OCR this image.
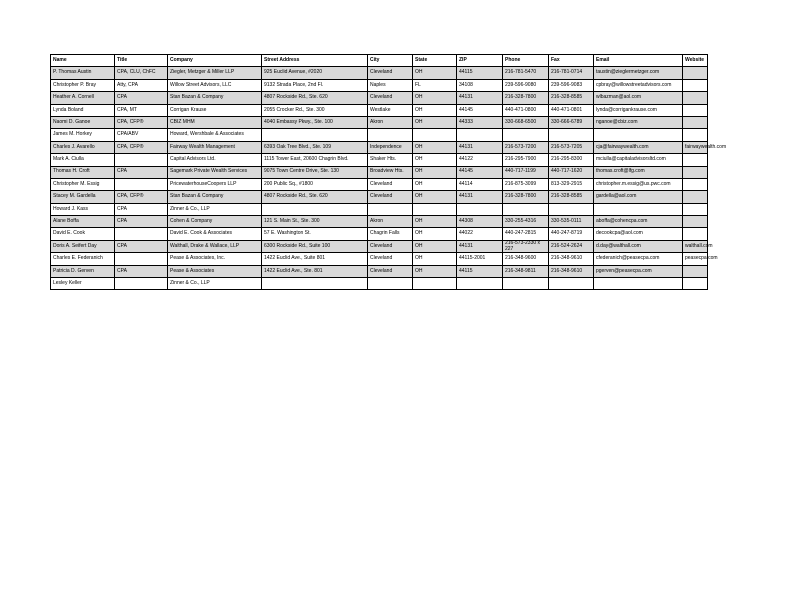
Name	Title	Company	Street Address	City	State	ZIP	Phone	Fax	Email	Website
P. Thomas Austin	CPA, CLU, ChFC	Ziegler, Metzger & Miller LLP	925 Euclid Avenue, #2020	Cleveland	OH	44115	216-781-5470	216-781-0714	taustin@zieglermetzger.com	
Christopher P. Bray	Atty, CPA	Willow Street Advisors, LLC	9132 Strada Place, 2nd Fl.	Naples	FL	34108	239-596-9080	239-596-9083	cpbray@willowstreetadvisors.com	
Heather A. Cornell	CPA	Stan Bazan & Company	4807 Rockside Rd., Ste. 620	Cleveland	OH	44131	216-328-7800	216-328-8585	wlbazman@aol.com	
Lynda Boland	CPA, MT	Corrigan Krause	2055 Crocker Rd., Ste. 300	Westlake	OH	44145	440-471-0800	440-471-0801	lynda@corrigankrause.com	
Naomi D. Ganoe	CPA, CFP®	CBIZ MHM	4040 Embassy Pkwy., Ste. 100	Akron	OH	44333	330-668-6500	330-666-6789	nganoe@cbiz.com	
James M. Horkey	CPA/ABV	Howard, Wershbale & Associates								
Charles J. Avarello	CPA, CFP®	Fairway Wealth Management	6393 Oak Tree Blvd., Ste. 109	Independence	OH	44131	216-573-7200	216-573-7205	cja@fairwaywealth.com	fairwaywealth.com
Mark A. Ciulla		Capital Advisors Ltd.	1115 Tower East, 20600 Chagrin Blvd.	Shaker Hts.	OH	44122	216-295-7900	216-295-8300	mciulla@capitaladvisorsltd.com	
Thomas H. Croft	CPA	Sagemark Private Wealth Services	9075 Town Centre Drive, Ste. 130	Broadview Hts.	OH	44145	440-717-1199	440-717-1620	thomas.croft@lfg.com	
Christopher M. Essig		PricewaterhouseCoopers LLP	200 Public Sq., #1800	Cleveland	OH	44114	216-875-3099	813-329-2915	christopher.m.essig@us.pwc.com	
Stacey M. Gardella	CPA, CFP®	Stan Bazan & Company	4807 Rockside Rd., Ste. 620	Cleveland	OH	44131	216-328-7800	216-328-8585	gardella@aol.com	
Howard J. Kass	CPA	Zinner & Co., LLP								
Alane Boffa	CPA	Cohen & Company	121 S. Main St., Ste. 300	Akron	OH	44308	330-255-4316	330-535-0111	aboffa@cohencpa.com	
David E. Cook		David E. Cook & Associates	57 E. Washington St.	Chagrin Falls	OH	44022	440-247-2815	440-247-8719	decookcpa@aol.com	
Doris A. Seifert Day	CPA	Walthall, Drake & Wallace, LLP	6300 Rockside Rd., Suite 100	Cleveland	OH	44131	216-573-2330 x 227	216-524-2624	d.day@walthall.com	walthall.com
Charles E. Federanich		Pease & Associates, Inc.	1422 Euclid Ave., Suite 801	Cleveland	OH	44115-2001	216-348-9600	216-348-9610	cfederanich@peasecpa.com	peasecpa.com
Patricia D. Gerven	CPA	Pease & Associates	1422 Euclid Ave., Ste. 801	Cleveland	OH	44115	216-348-9811	216-348-9610	pgerven@peasecpa.com	
Lesley Keller		Zinner & Co., LLP								
